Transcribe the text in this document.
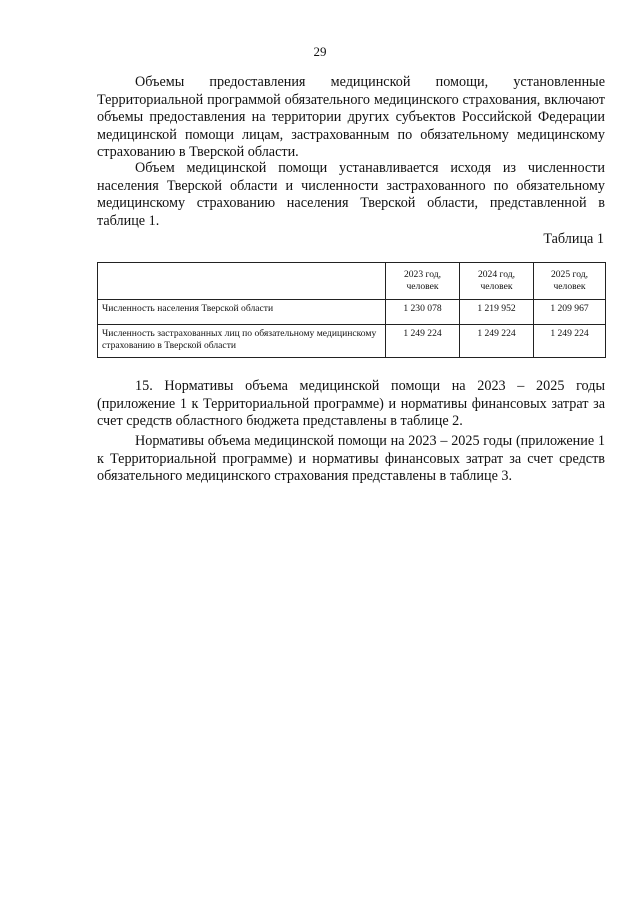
29

Объемы предоставления медицинской помощи, установленные Территориальной программой обязательного медицинского страхования, включают объемы предоставления на территории других субъектов Российской Федерации медицинской помощи лицам, застрахованным по обязательному медицинскому страхованию в Тверской области.

Объем медицинской помощи устанавливается исходя из численности населения Тверской области и численности застрахованного по обязательному медицинскому страхованию населения Тверской области, представленной в таблице 1.

Таблица 1
	2023 год, человек	2024 год, человек	2025 год, человек
Численность населения Тверской области	1 230 078	1 219 952	1 209 967
Численность застрахованных лиц по обязательному медицинскому страхованию в Тверской области	1 249 224	1 249 224	1 249 224

15. Нормативы объема медицинской помощи на 2023 – 2025 годы (приложение 1 к Территориальной программе) и нормативы финансовых затрат за счет средств областного бюджета представлены в таблице 2.

Нормативы объема медицинской помощи на 2023 – 2025 годы (приложение 1 к Территориальной программе) и нормативы финансовых затрат за счет средств обязательного медицинского страхования представлены в таблице 3.
